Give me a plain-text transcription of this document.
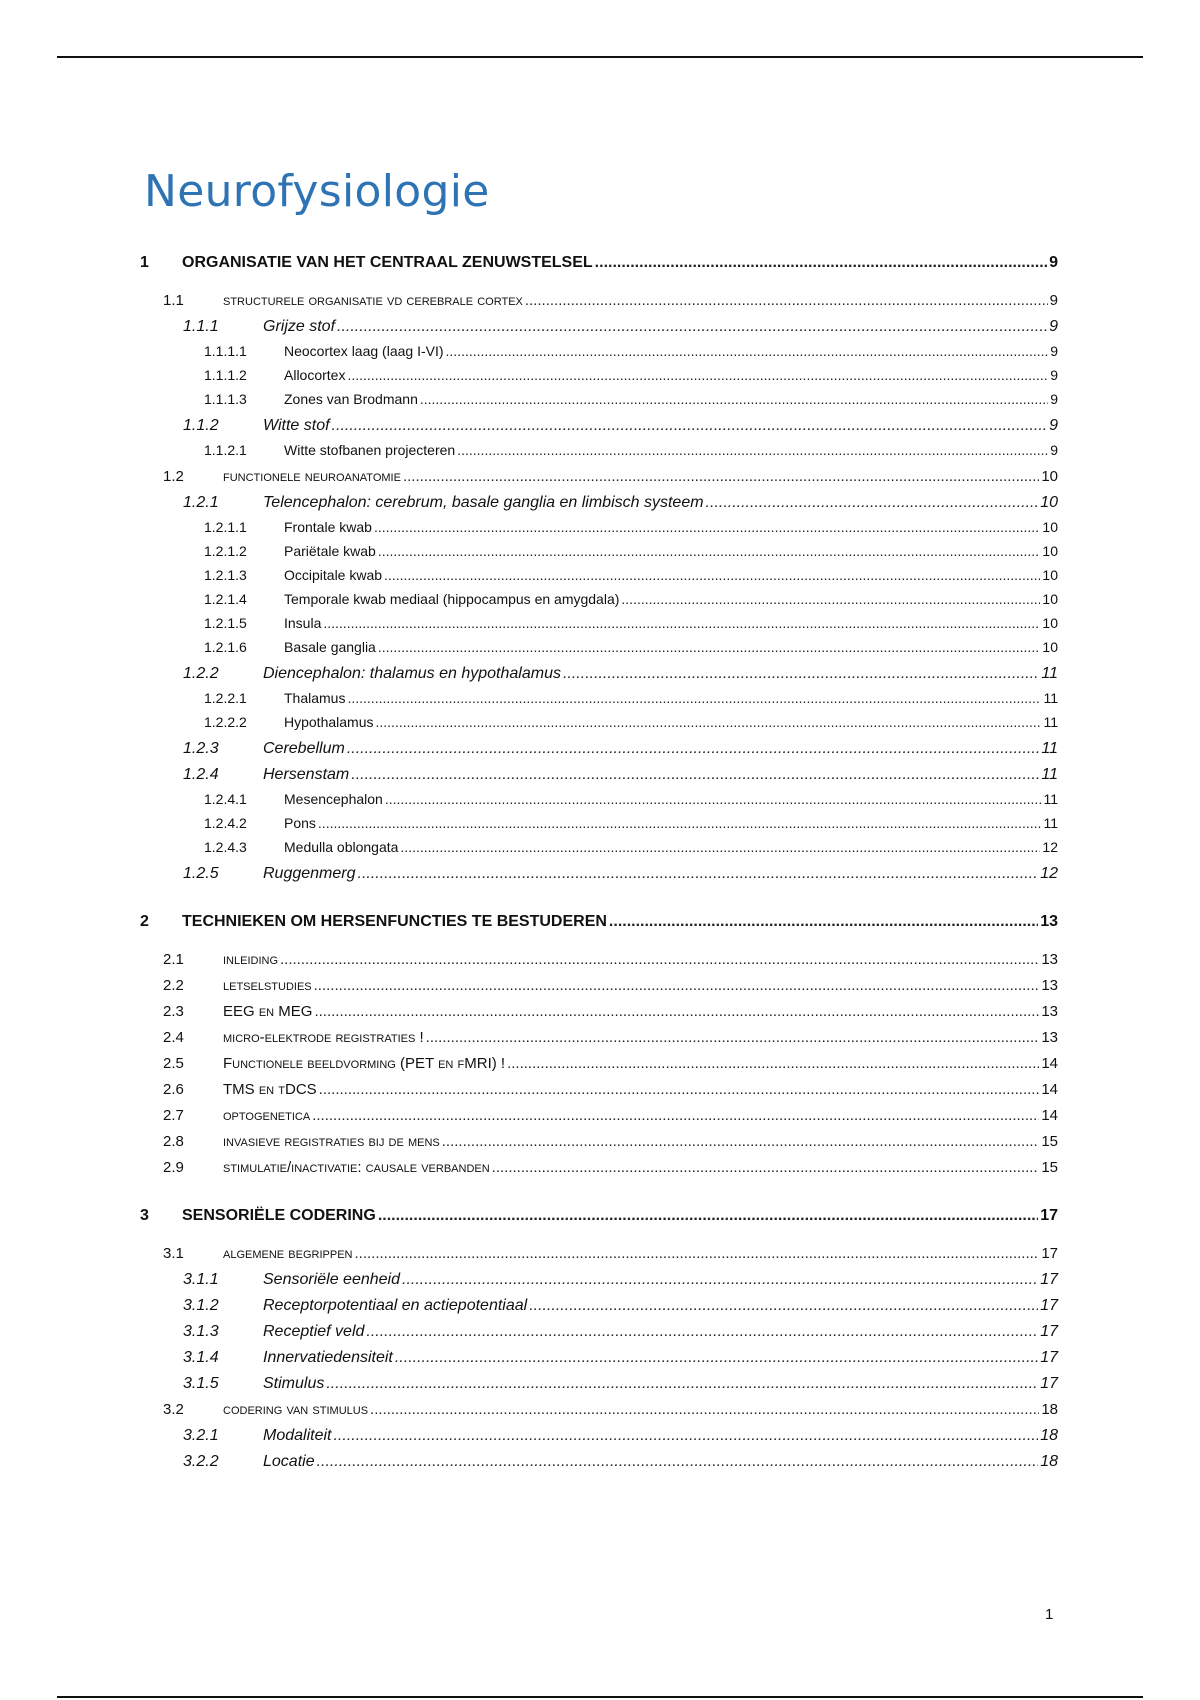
Neurofysiologie
1	ORGANISATIE VAN HET CENTRAAL ZENUWSTELSEL .....	9
1.1	structurele organisatie vd cerebrale cortex .....	9
1.1.1	Grijze stof .....	9
1.1.1.1	Neocortex laag (laag I-VI) .....	9
1.1.1.2	Allocortex .....	9
1.1.1.3	Zones van Brodmann .....	9
1.1.2	Witte stof .....	9
1.1.2.1	Witte stofbanen projecteren .....	9
1.2	functionele neuroanatomie .....	10
1.2.1	Telencephalon: cerebrum, basale ganglia en limbisch systeem .....	10
1.2.1.1	Frontale kwab .....	10
1.2.1.2	Pariëtale kwab .....	10
1.2.1.3	Occipitale kwab .....	10
1.2.1.4	Temporale kwab mediaal (hippocampus en amygdala) .....	10
1.2.1.5	Insula .....	10
1.2.1.6	Basale ganglia .....	10
1.2.2	Diencephalon: thalamus en hypothalamus .....	11
1.2.2.1	Thalamus .....	11
1.2.2.2	Hypothalamus .....	11
1.2.3	Cerebellum .....	11
1.2.4	Hersenstam .....	11
1.2.4.1	Mesencephalon .....	11
1.2.4.2	Pons .....	11
1.2.4.3	Medulla oblongata .....	12
1.2.5	Ruggenmerg .....	12
2	TECHNIEKEN OM HERSENFUNCTIES TE BESTUDEREN .....	13
2.1	inleiding .....	13
2.2	letselstudies .....	13
2.3	EEG en MEG .....	13
2.4	micro-elektrode registraties ! .....	13
2.5	Functionele beeldvorming (PET en fMRI) ! .....	14
2.6	TMS en tDCS .....	14
2.7	optogenetica .....	14
2.8	invasieve registraties bij de mens .....	15
2.9	stimulatie/inactivatie: causale verbanden .....	15
3	SENSORIËLE CODERING .....	17
3.1	algemene begrippen .....	17
3.1.1	Sensoriële eenheid .....	17
3.1.2	Receptorpotentiaal en actiepotentiaal .....	17
3.1.3	Receptief veld .....	17
3.1.4	Innervatiedensiteit .....	17
3.1.5	Stimulus .....	17
3.2	codering van stimulus .....	18
3.2.1	Modaliteit .....	18
3.2.2	Locatie .....	18
1
